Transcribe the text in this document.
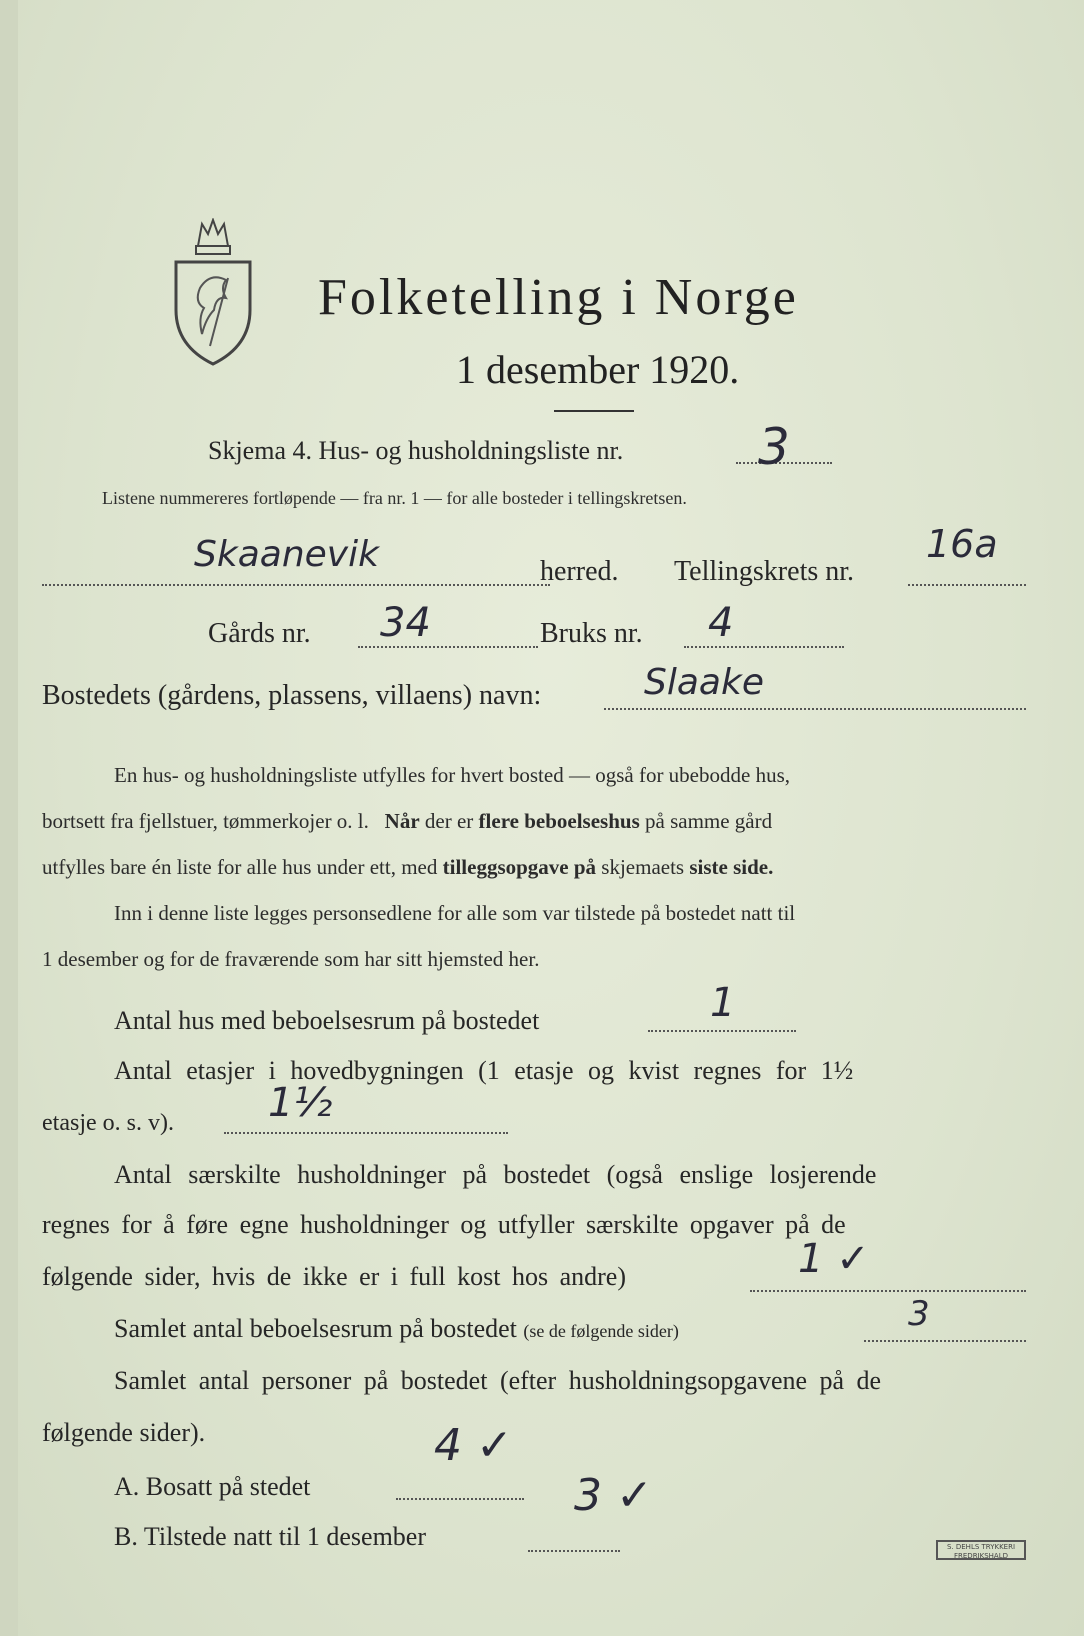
Folketelling i Norge
1 desember 1920.
Skjema 4. Hus- og husholdningsliste nr.	3
Listene nummereres fortløpende — fra nr. 1 — for alle bosteder i tellingskretsen.
Skaanevik	herred. Tellingskrets nr.
16a
Gårds nr. 34	Bruks nr. 4
Bostedets (gårdens, plassens, villaens) navn:	Slaake
En hus- og husholdningsliste utfylles for hvert bosted — også for ubebodde hus,
bortsett fra fjellstuer, tømmerkojer o. l. Når der er flere beboelseshus på samme gård
utfylles bare én liste for alle hus under ett, med tilleggsopgave på skjemaets siste side.
Inn i denne liste legges personsedlene for alle som var tilstede på bostedet natt til
1 desember og for de fraværende som har sitt hjemsted her.
Antal hus med beboelsesrum på bostedet	1
Antal etasjer i hovedbygningen (1 etasje og kvist regnes for 1½
etasje o. s. v). 1½
Antal særskilte husholdninger på bostedet (også enslige losjerende
regnes for å føre egne husholdninger og utfyller særskilte opgaver på de
følgende sider, hvis de ikke er i full kost hos andre)	1 ✓
Samlet antal beboelsesrum på bostedet (se de følgende sider)	3
Samlet antal personer på bostedet (efter husholdningsopgavene på de
følgende sider).
A. Bosatt på stedet
4 ✓
B. Tilstede natt til 1 desember
3 ✓
S. DEHLS TRYKKERI
FREDRIKSHALD
